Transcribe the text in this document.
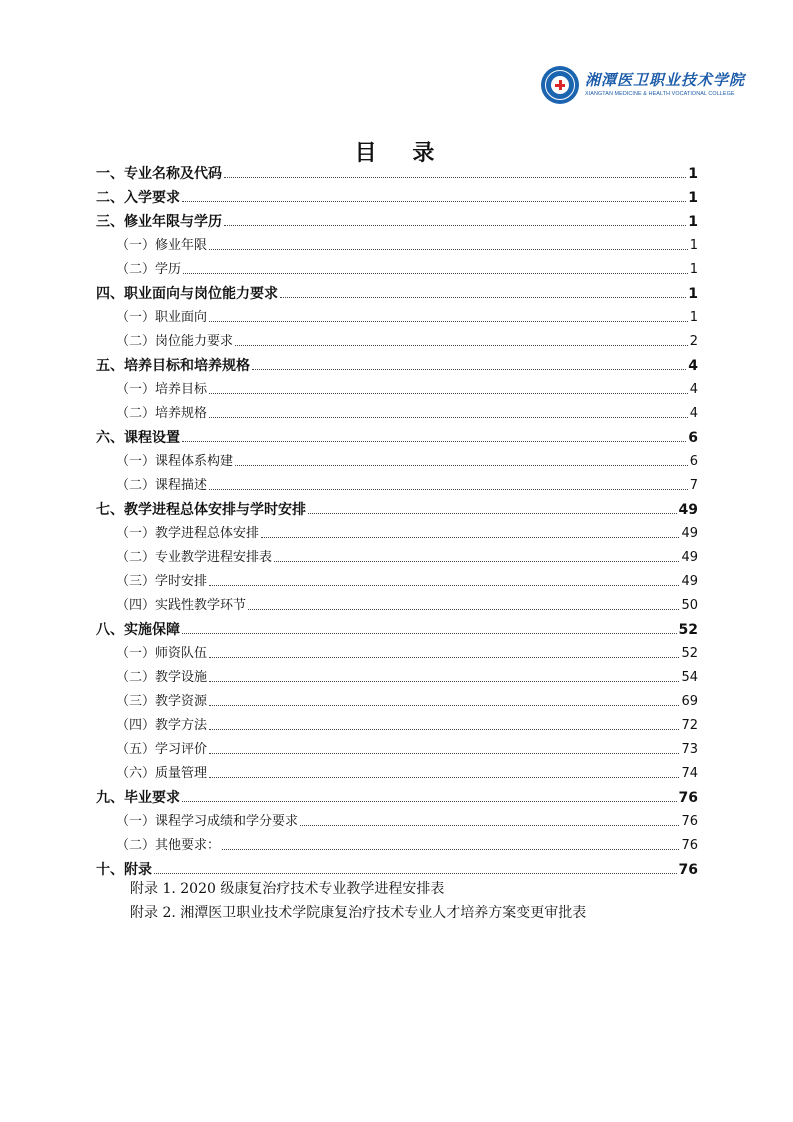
湘潭医卫职业技术学院
XIANGTAN MEDICINE & HEALTH VOCATIONAL COLLEGE
目 录
一、专业名称及代码	1
二、入学要求	1
三、修业年限与学历	1
（一）修业年限	1
（二）学历	1
四、职业面向与岗位能力要求	1
（一）职业面向	1
（二）岗位能力要求	2
五、培养目标和培养规格	4
（一）培养目标	4
（二）培养规格	4
六、课程设置	6
（一）课程体系构建	6
（二）课程描述	7
七、教学进程总体安排与学时安排	49
（一）教学进程总体安排	49
（二）专业教学进程安排表	49
（三）学时安排	49
（四）实践性教学环节	50
八、实施保障	52
（一）师资队伍	52
（二）教学设施	54
（三）教学资源	69
（四）教学方法	72
（五）学习评价	73
（六）质量管理	74
九、毕业要求	76
（一）课程学习成绩和学分要求	76
（二）其他要求：	76
十、附录	76
附录 1. 2020 级康复治疗技术专业教学进程安排表
附录 2. 湘潭医卫职业技术学院康复治疗技术专业人才培养方案变更审批表
